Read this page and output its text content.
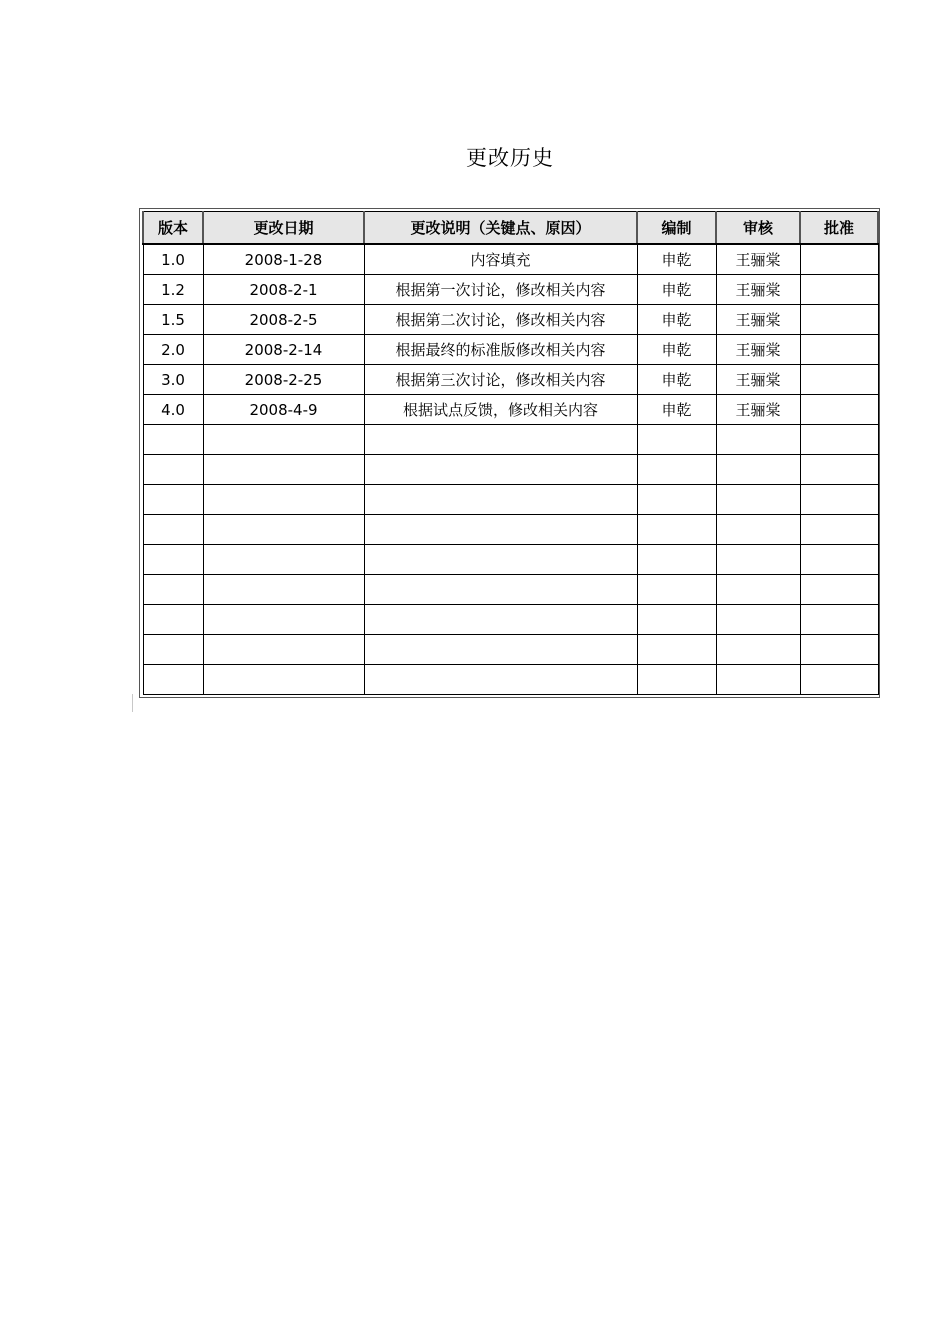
更改历史
版本	更改日期	更改说明（关键点、原因）	编制	审核	批准
1.0	2008-1-28	内容填充	申乾	王骊棠	
1.2	2008-2-1	根据第一次讨论，修改相关内容	申乾	王骊棠	
1.5	2008-2-5	根据第二次讨论，修改相关内容	申乾	王骊棠	
2.0	2008-2-14	根据最终的标准版修改相关内容	申乾	王骊棠	
3.0	2008-2-25	根据第三次讨论，修改相关内容	申乾	王骊棠	
4.0	2008-4-9	根据试点反馈，修改相关内容	申乾	王骊棠	
